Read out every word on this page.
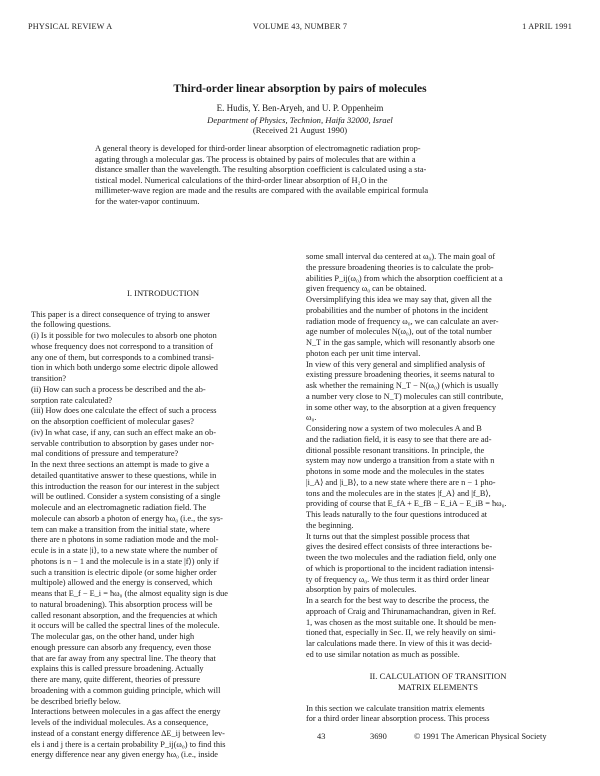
PHYSICAL REVIEW A	VOLUME 43, NUMBER 7	1 APRIL 1991
Third-order linear absorption by pairs of molecules
E. Hudis, Y. Ben-Aryeh, and U. P. Oppenheim
Department of Physics, Technion, Haifa 32000, Israel
(Received 21 August 1990)
A general theory is developed for third-order linear absorption of electromagnetic radiation prop-
agating through a molecular gas. The process is obtained by pairs of molecules that are within a
distance smaller than the wavelength. The resulting absorption coefficient is calculated using a sta-
tistical model. Numerical calculations of the third-order linear absorption of H₂O in the
millimeter-wave region are made and the results are compared with the available empirical formula
for the water-vapor continuum.
I. INTRODUCTION
This paper is a direct consequence of trying to answer
the following questions.
(i) Is it possible for two molecules to absorb one photon
whose frequency does not correspond to a transition of
any one of them, but corresponds to a combined transi-
tion in which both undergo some electric dipole allowed
transition?
(ii) How can such a process be described and the ab-
sorption rate calculated?
(iii) How does one calculate the effect of such a process
on the absorption coefficient of molecular gases?
(iv) In what case, if any, can such an effect make an ob-
servable contribution to absorption by gases under nor-
mal conditions of pressure and temperature?
In the next three sections an attempt is made to give a
detailed quantitative answer to these questions, while in
this introduction the reason for our interest in the subject
will be outlined. Consider a system consisting of a single
molecule and an electromagnetic radiation field. The
molecule can absorb a photon of energy ħω₀ (i.e., the sys-
tem can make a transition from the initial state, where
there are n photons in some radiation mode and the mol-
ecule is in a state |i⟩, to a new state where the number of
photons is n − 1 and the molecule is in a state |f⟩) only if
such a transition is electric dipole (or some higher order
multipole) allowed and the energy is conserved, which
means that E_f − E_i = ħω₀ (the almost equality sign is due
to natural broadening). This absorption process will be
called resonant absorption, and the frequencies at which
it occurs will be called the spectral lines of the molecule.
The molecular gas, on the other hand, under high
enough pressure can absorb any frequency, even those
that are far away from any spectral line. The theory that
explains this is called pressure broadening. Actually
there are many, quite different, theories of pressure
broadening with a common guiding principle, which will
be described briefly below.
Interactions between molecules in a gas affect the energy
levels of the individual molecules. As a consequence,
instead of a constant energy difference ΔE_ij between lev-
els i and j there is a certain probability P_ij(ω₀) to find this
energy difference near any given energy ħω₀ (i.e., inside
some small interval dω centered at ω₀). The main goal of
the pressure broadening theories is to calculate the prob-
abilities P_ij(ω₀) from which the absorption coefficient at a
given frequency ω₀ can be obtained.
Oversimplifying this idea we may say that, given all the
probabilities and the number of photons in the incident
radiation mode of frequency ω₀, we can calculate an aver-
age number of molecules N(ω₀), out of the total number
N_T in the gas sample, which will resonantly absorb one
photon each per unit time interval.
In view of this very general and simplified analysis of
existing pressure broadening theories, it seems natural to
ask whether the remaining N_T − N(ω₀) (which is usually
a number very close to N_T) molecules can still contribute,
in some other way, to the absorption at a given frequency
ω₀.
Considering now a system of two molecules A and B
and the radiation field, it is easy to see that there are ad-
ditional possible resonant transitions. In principle, the
system may now undergo a transition from a state with n
photons in some mode and the molecules in the states
|i_A⟩ and |i_B⟩, to a new state where there are n − 1 pho-
tons and the molecules are in the states |f_A⟩ and |f_B⟩,
providing of course that E_fA + E_fB − E_iA − E_iB = ħω₀.
This leads naturally to the four questions introduced at
the beginning.
It turns out that the simplest possible process that
gives the desired effect consists of three interactions be-
tween the two molecules and the radiation field, only one
of which is proportional to the incident radiation intensi-
ty of frequency ω₀. We thus term it as third order linear
absorption by pairs of molecules.
In a search for the best way to describe the process, the
approach of Craig and Thirunamachandran, given in Ref.
1, was chosen as the most suitable one. It should be men-
tioned that, especially in Sec. II, we rely heavily on simi-
lar calculations made there. In view of this it was decid-
ed to use similar notation as much as possible.
II. CALCULATION OF TRANSITION
MATRIX ELEMENTS
In this section we calculate transition matrix elements
for a third order linear absorption process. This process
43	3690	© 1991 The American Physical Society
